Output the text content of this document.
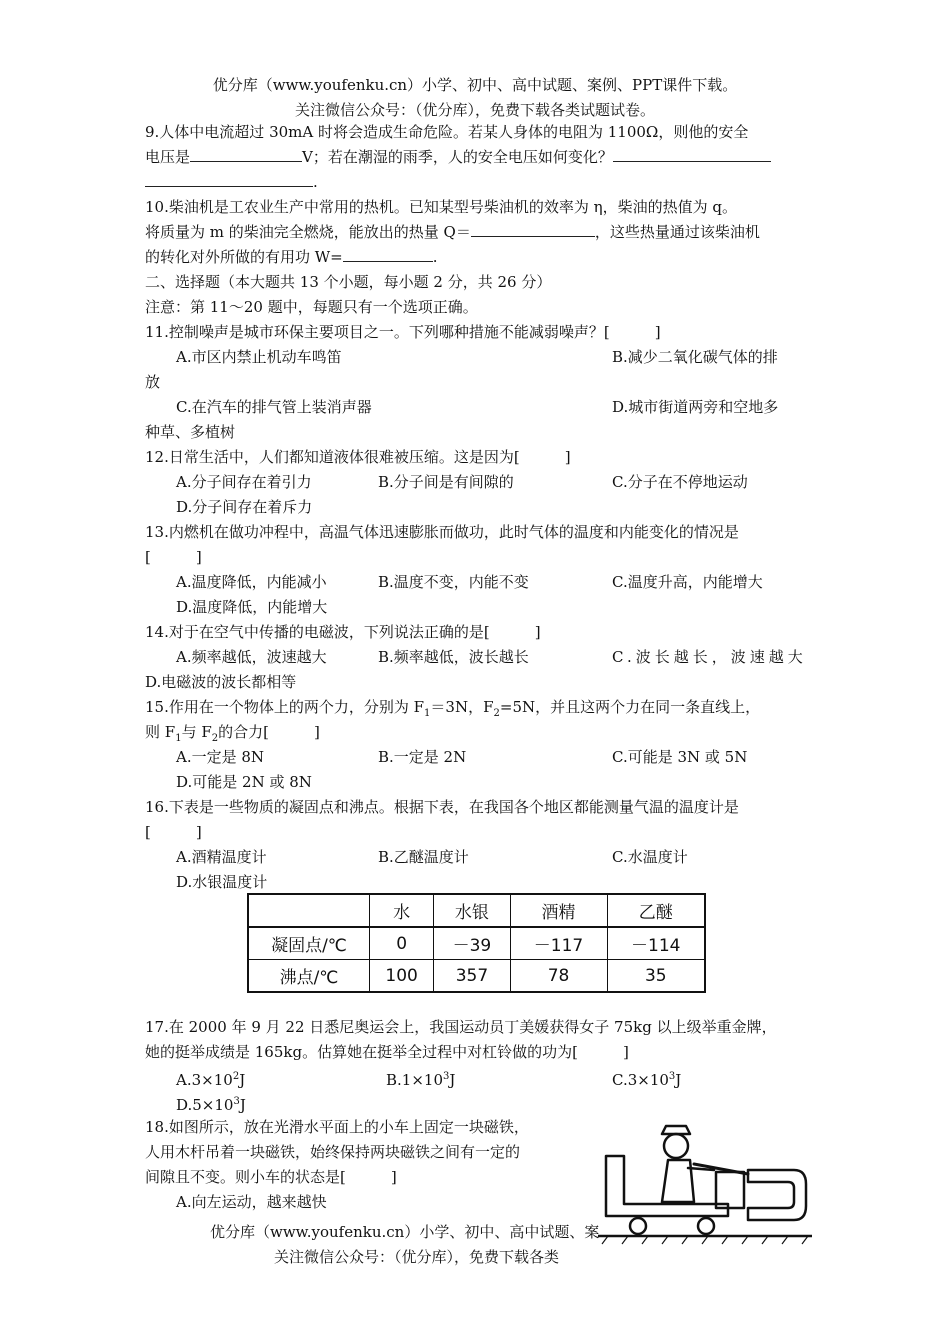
优分库（www.youfenku.cn）小学、初中、高中试题、案例、PPT课件下载。
关注微信公众号：（优分库），免费下载各类试题试卷。
9.人体中电流超过 30mA 时将会造成生命危险。若某人身体的电阻为 1100Ω，则他的安全
电压是	V；若在潮湿的雨季，人的安全电压如何变化？
.
10.柴油机是工农业生产中常用的热机。已知某型号柴油机的效率为 η，柴油的热值为 q。
将质量为 m 的柴油完全燃烧，能放出的热量 Q＝	，这些热量通过该柴油机
的转化对外所做的有用功 W=	.
二、选择题（本大题共 13 个小题，每小题 2 分，共 26 分）
注意：第 11～20 题中，每题只有一个选项正确。
11.控制噪声是城市环保主要项目之一。下列哪种措施不能减弱噪声？[　　　]
A.市区内禁止机动车鸣笛	B.减少二氧化碳气体的排
放
C.在汽车的排气管上装消声器	D.城市街道两旁和空地多
种草、多植树
12.日常生活中，人们都知道液体很难被压缩。这是因为[　　　]
A.分子间存在着引力	B.分子间是有间隙的	C.分子在不停地运动
D.分子间存在着斥力
13.内燃机在做功冲程中，高温气体迅速膨胀而做功，此时气体的温度和内能变化的情况是
[　　　]
A.温度降低，内能减小	B.温度不变，内能不变	C.温度升高，内能增大
D.温度降低，内能增大
14.对于在空气中传播的电磁波，下列说法正确的是[　　　]
A.频率越低，波速越大	B.频率越低，波长越长	C.波长越长，波速越大
D.电磁波的波长都相等
15.作用在一个物体上的两个力，分别为 $F_1=3N$，$F_2=5N$，并且这两个力在同一条直线上，
则 $F_1$与 $F_2$的合力[　　　]
A.一定是 8N	B.一定是 2N	C.可能是 3N 或 5N
D.可能是 2N 或 8N
16.下表是一些物质的凝固点和沸点。根据下表，在我国各个地区都能测量气温的温度计是
[　　　]
A.酒精温度计	B.乙醚温度计	C.水温度计
D.水银温度计
	水	水银	酒精	乙醚
凝固点/℃	0	－39	－117	－114
沸点/℃	100	357	78	35
17.在 2000 年 9 月 22 日悉尼奥运会上，我国运动员丁美媛获得女子 75kg 以上级举重金牌，
她的挺举成绩是 165kg。估算她在挺举全过程中对杠铃做的功为[　　　]
$A.3\times 10^2J$	$B.1\times 10^3J$	$C.3\times 10^3J$
$D.5\times 10^3J$
18.如图所示，放在光滑水平面上的小车上固定一块磁铁，
人用木杆吊着一块磁铁，始终保持两块磁铁之间有一定的
间隙且不变。则小车的状态是[　　　]
A.向左运动，越来越快
优分库（www.youfenku.cn）小学、初中、高中试题、案
关注微信公众号：（优分库），免费下载各类
